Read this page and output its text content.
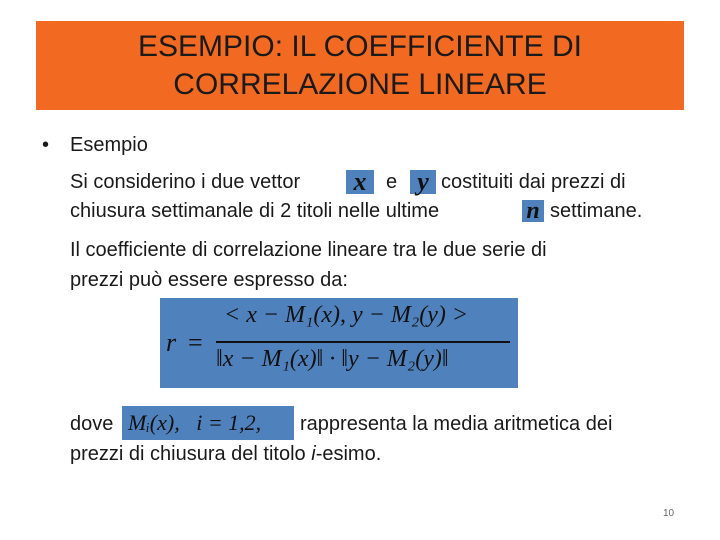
ESEMPIO: IL COEFFICIENTE DI
CORRELAZIONE LINEARE
• Esempio
Si considerino i due vettor	x e y costituiti dai prezzi di
chiusura settimanale di 2 titoli nelle ultime	n settimane.
Il coefficiente di correlazione lineare tra le due serie di
prezzi può essere espresso da:
r =
< x − M₁(x), y − M₂(y) >
‖x − M₁(x)‖ · ‖y − M₂(y)‖
dove Mᵢ(x),   i = 1,2, rappresenta la media aritmetica dei
prezzi di chiusura del titolo i-esimo.
10
